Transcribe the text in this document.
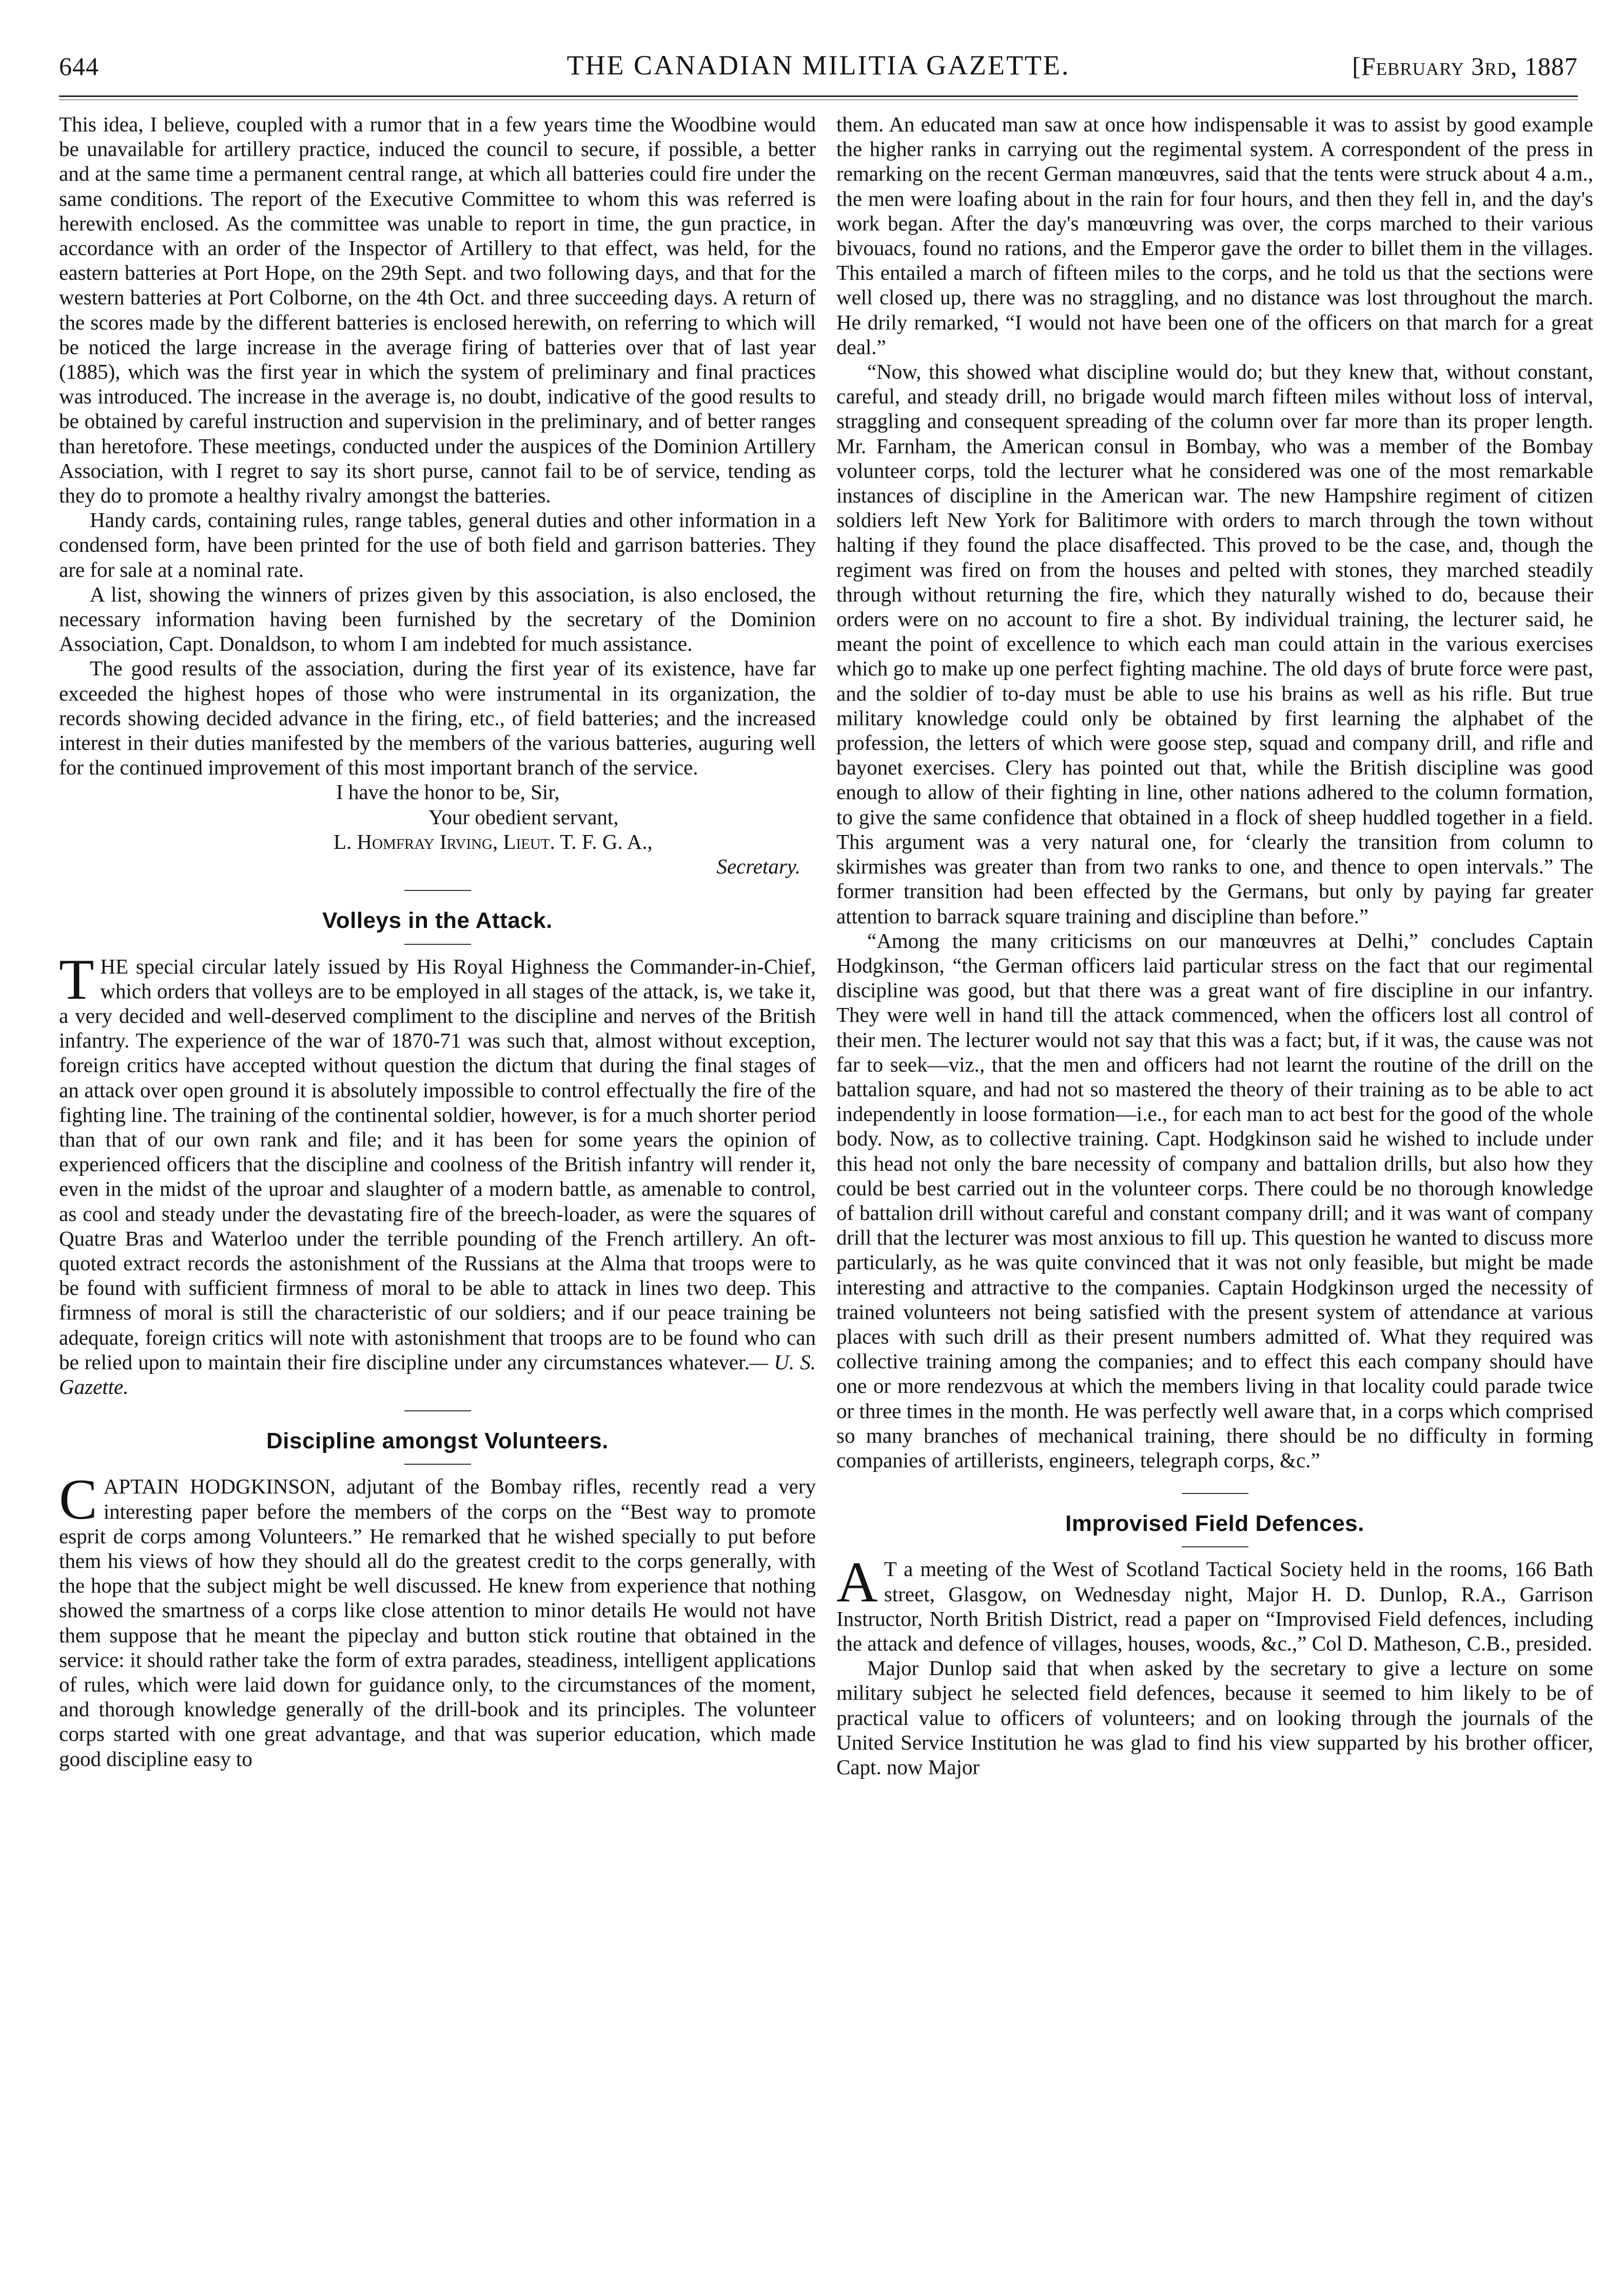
644	THE CANADIAN MILITIA GAZETTE.	[February 3rd, 1887

This idea, I believe, coupled with a rumor that in a few years time the Woodbine would be unavailable for artillery practice, induced the council to secure, if possible, a better and at the same time a permanent central range, at which all batteries could fire under the same conditions. The report of the Executive Committee to whom this was referred is herewith enclosed. As the committee was unable to report in time, the gun practice, in accordance with an order of the Inspector of Artillery to that effect, was held, for the eastern batteries at Port Hope, on the 29th Sept. and two following days, and that for the western batteries at Port Colborne, on the 4th Oct. and three succeeding days. A return of the scores made by the different batteries is enclosed herewith, on referring to which will be noticed the large increase in the average firing of batteries over that of last year (1885), which was the first year in which the system of preliminary and final practices was introduced. The increase in the average is, no doubt, indicative of the good results to be obtained by careful instruction and supervision in the preliminary, and of better ranges than heretofore. These meetings, conducted under the auspices of the Dominion Artillery Association, with I regret to say its short purse, cannot fail to be of service, tending as they do to promote a healthy rivalry amongst the batteries.

Handy cards, containing rules, range tables, general duties and other information in a condensed form, have been printed for the use of both field and garrison batteries. They are for sale at a nominal rate.

A list, showing the winners of prizes given by this association, is also enclosed, the necessary information having been furnished by the secretary of the Dominion Association, Capt. Donaldson, to whom I am indebted for much assistance.

The good results of the association, during the first year of its existence, have far exceeded the highest hopes of those who were instrumental in its organization, the records showing decided advance in the firing, etc., of field batteries; and the increased interest in their duties manifested by the members of the various batteries, auguring well for the continued improvement of this most important branch of the service.

I have the honor to be, Sir,
Your obedient servant,
L. Homfray Irving, Lieut. T. F. G. A.,
Secretary.
Volleys in the Attack.

THE special circular lately issued by His Royal Highness the Commander-in-Chief, which orders that volleys are to be employed in all stages of the attack, is, we take it, a very decided and well-deserved compliment to the discipline and nerves of the British infantry. The experience of the war of 1870-71 was such that, almost without exception, foreign critics have accepted without question the dictum that during the final stages of an attack over open ground it is absolutely impossible to control effectually the fire of the fighting line. The training of the continental soldier, however, is for a much shorter period than that of our own rank and file; and it has been for some years the opinion of experienced officers that the discipline and coolness of the British infantry will render it, even in the midst of the uproar and slaughter of a modern battle, as amenable to control, as cool and steady under the devastating fire of the breech-loader, as were the squares of Quatre Bras and Waterloo under the terrible pounding of the French artillery. An oft-quoted extract records the astonishment of the Russians at the Alma that troops were to be found with sufficient firmness of moral to be able to attack in lines two deep. This firmness of moral is still the characteristic of our soldiers; and if our peace training be adequate, foreign critics will note with astonishment that troops are to be found who can be relied upon to maintain their fire discipline under any circumstances whatever.— U. S. Gazette.

Discipline amongst Volunteers.

CAPTAIN HODGKINSON, adjutant of the Bombay rifles, recently read a very interesting paper before the members of the corps on the “Best way to promote esprit de corps among Volunteers.” He remarked that he wished specially to put before them his views of how they should all do the greatest credit to the corps generally, with the hope that the subject might be well discussed. He knew from experience that nothing showed the smartness of a corps like close attention to minor details He would not have them suppose that he meant the pipeclay and button stick routine that obtained in the service: it should rather take the form of extra parades, steadiness, intelligent applications of rules, which were laid down for guidance only, to the circumstances of the moment, and thorough knowledge generally of the drill-book and its principles. The volunteer corps started with one great advantage, and that was superior education, which made good discipline easy to

them. An educated man saw at once how indispensable it was to assist by good example the higher ranks in carrying out the regimental system. A correspondent of the press in remarking on the recent German manœuvres, said that the tents were struck about 4 a.m., the men were loafing about in the rain for four hours, and then they fell in, and the day's work began. After the day's manœuvring was over, the corps marched to their various bivouacs, found no rations, and the Emperor gave the order to billet them in the villages. This entailed a march of fifteen miles to the corps, and he told us that the sections were well closed up, there was no straggling, and no distance was lost throughout the march. He drily remarked, “I would not have been one of the officers on that march for a great deal.”

“Now, this showed what discipline would do; but they knew that, without constant, careful, and steady drill, no brigade would march fifteen miles without loss of interval, straggling and consequent spreading of the column over far more than its proper length. Mr. Farnham, the American consul in Bombay, who was a member of the Bombay volunteer corps, told the lecturer what he considered was one of the most remarkable instances of discipline in the American war. The new Hampshire regiment of citizen soldiers left New York for Balitimore with orders to march through the town without halting if they found the place disaffected. This proved to be the case, and, though the regiment was fired on from the houses and pelted with stones, they marched steadily through without returning the fire, which they naturally wished to do, because their orders were on no account to fire a shot. By individual training, the lecturer said, he meant the point of excellence to which each man could attain in the various exercises which go to make up one perfect fighting machine. The old days of brute force were past, and the soldier of to-day must be able to use his brains as well as his rifle. But true military knowledge could only be obtained by first learning the alphabet of the profession, the letters of which were goose step, squad and company drill, and rifle and bayonet exercises. Clery has pointed out that, while the British discipline was good enough to allow of their fighting in line, other nations adhered to the column formation, to give the same confidence that obtained in a flock of sheep huddled together in a field. This argument was a very natural one, for ‘clearly the transition from column to skirmishes was greater than from two ranks to one, and thence to open intervals.” The former transition had been effected by the Germans, but only by paying far greater attention to barrack square training and discipline than before.”

“Among the many criticisms on our manœuvres at Delhi,” concludes Captain Hodgkinson, “the German officers laid particular stress on the fact that our regimental discipline was good, but that there was a great want of fire discipline in our infantry. They were well in hand till the attack commenced, when the officers lost all control of their men. The lecturer would not say that this was a fact; but, if it was, the cause was not far to seek—viz., that the men and officers had not learnt the routine of the drill on the battalion square, and had not so mastered the theory of their training as to be able to act independently in loose formation—i.e., for each man to act best for the good of the whole body. Now, as to collective training. Capt. Hodgkinson said he wished to include under this head not only the bare necessity of company and battalion drills, but also how they could be best carried out in the volunteer corps. There could be no thorough knowledge of battalion drill without careful and constant company drill; and it was want of company drill that the lecturer was most anxious to fill up. This question he wanted to discuss more particularly, as he was quite convinced that it was not only feasible, but might be made interesting and attractive to the companies. Captain Hodgkinson urged the necessity of trained volunteers not being satisfied with the present system of attendance at various places with such drill as their present numbers admitted of. What they required was collective training among the companies; and to effect this each company should have one or more rendezvous at which the members living in that locality could parade twice or three times in the month. He was perfectly well aware that, in a corps which comprised so many branches of mechanical training, there should be no difficulty in forming companies of artillerists, engineers, telegraph corps, &c.”

Improvised Field Defences.

A T a meeting of the West of Scotland Tactical Society held in the rooms, 166 Bath street, Glasgow, on Wednesday night, Major H. D. Dunlop, R.A., Garrison Instructor, North British District, read a paper on “Improvised Field defences, including the attack and defence of villages, houses, woods, &c.,” Col D. Matheson, C.B., presided.

Major Dunlop said that when asked by the secretary to give a lecture on some military subject he selected field defences, because it seemed to him likely to be of practical value to officers of volunteers; and on looking through the journals of the United Service Institution he was glad to find his view supparted by his brother officer, Capt. now Major
